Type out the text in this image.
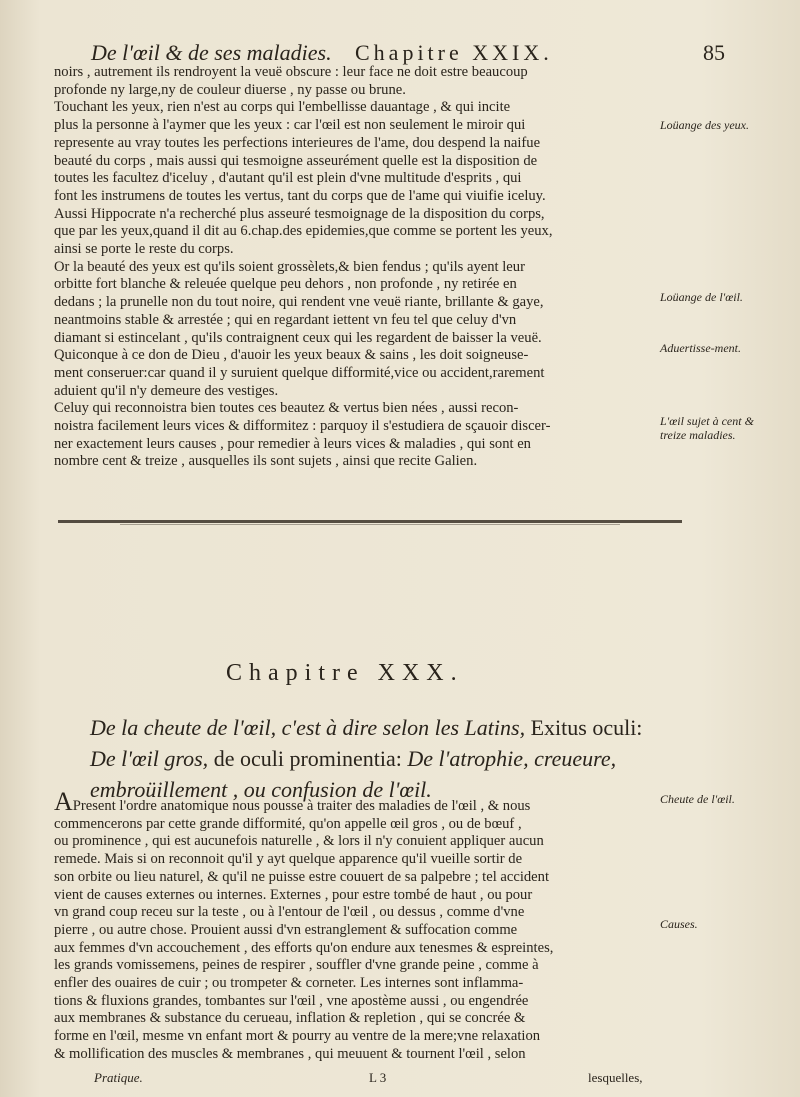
De l'œil & de ses maladies. Chapitre XXIX.	85
noirs , autrement ils rendroyent la veuë obscure : leur face ne doit estre beaucoup
profonde ny large,ny de couleur diuerse , ny passe ou brune.
Touchant les yeux, rien n'est au corps qui l'embellisse dauantage , & qui incite
plus la personne à l'aymer que les yeux : car l'œil est non seulement le miroir qui
represente au vray toutes les perfections interieures de l'ame, dou despend la naifue
beauté du corps , mais aussi qui tesmoigne asseurément quelle est la disposition de
toutes les facultez d'iceluy , d'autant qu'il est plein d'vne multitude d'esprits , qui
font les instrumens de toutes les vertus, tant du corps que de l'ame qui viuifie iceluy.
Aussi Hippocrate n'a recherché plus asseuré tesmoignage de la disposition du corps,
que par les yeux,quand il dit au 6.chap.des epidemies,que comme se portent les yeux,
ainsi se porte le reste du corps.
Or la beauté des yeux est qu'ils soient grossèlets,& bien fendus ; qu'ils ayent leur
orbitte fort blanche & releuée quelque peu dehors , non profonde , ny retirée en
dedans ; la prunelle non du tout noire, qui rendent vne veuë riante, brillante & gaye,
neantmoins stable & arrestée ; qui en regardant iettent vn feu tel que celuy d'vn
diamant si estincelant , qu'ils contraignent ceux qui les regardent de baisser la veuë.
Quiconque à ce don de Dieu , d'auoir les yeux beaux & sains , les doit soigneuse-
ment conseruer:car quand il y suruient quelque difformité,vice ou accident,rarement
aduient qu'il n'y demeure des vestiges.
Celuy qui reconnoistra bien toutes ces beautez & vertus bien nées , aussi recon-
noistra facilement leurs vices & difformitez : parquoy il s'estudiera de sçauoir discer-
ner exactement leurs causes , pour remedier à leurs vices & maladies , qui sont en
nombre cent & treize , ausquelles ils sont sujets , ainsi que recite Galien.
Loüange des yeux.
Loüange de l'œil.
Aduertisse-ment.
L'œil sujet à cent & treize maladies.
Chapitre XXX.
De la cheute de l'œil, c'est à dire selon les Latins, Exitus oculi:
De l'œil gros, de oculi prominentia: De l'atrophie, creueure,
embroüillement , ou confusion de l'œil.
APresent l'ordre anatomique nous pousse à traiter des maladies de l'œil , & nous
commencerons par cette grande difformité, qu'on appelle œil gros , ou de bœuf ,
ou prominence , qui est aucunefois naturelle , & lors il n'y conuient appliquer aucun
remede. Mais si on reconnoit qu'il y ayt quelque apparence qu'il vueille sortir de
son orbite ou lieu naturel, & qu'il ne puisse estre couuert de sa palpebre ; tel accident
vient de causes externes ou internes. Externes , pour estre tombé de haut , ou pour
vn grand coup receu sur la teste , ou à l'entour de l'œil , ou dessus , comme d'vne
pierre , ou autre chose. Prouient aussi d'vn estranglement & suffocation comme
aux femmes d'vn accouchement , des efforts qu'on endure aux tenesmes & espreintes,
les grands vomissemens, peines de respirer , souffler d'vne grande peine , comme à
enfler des ouaires de cuir ; ou trompeter & corneter. Les internes sont inflamma-
tions & fluxions grandes, tombantes sur l'œil , vne apostème aussi , ou engendrée
aux membranes & substance du cerueau, inflation & repletion , qui se concrée &
forme en l'œil, mesme vn enfant mort & pourry au ventre de la mere;vne relaxation
& mollification des muscles & membranes , qui meuuent & tournent l'œil , selon
Cheute de l'œil.
Causes.
Pratique.	L 3	lesquelles,
